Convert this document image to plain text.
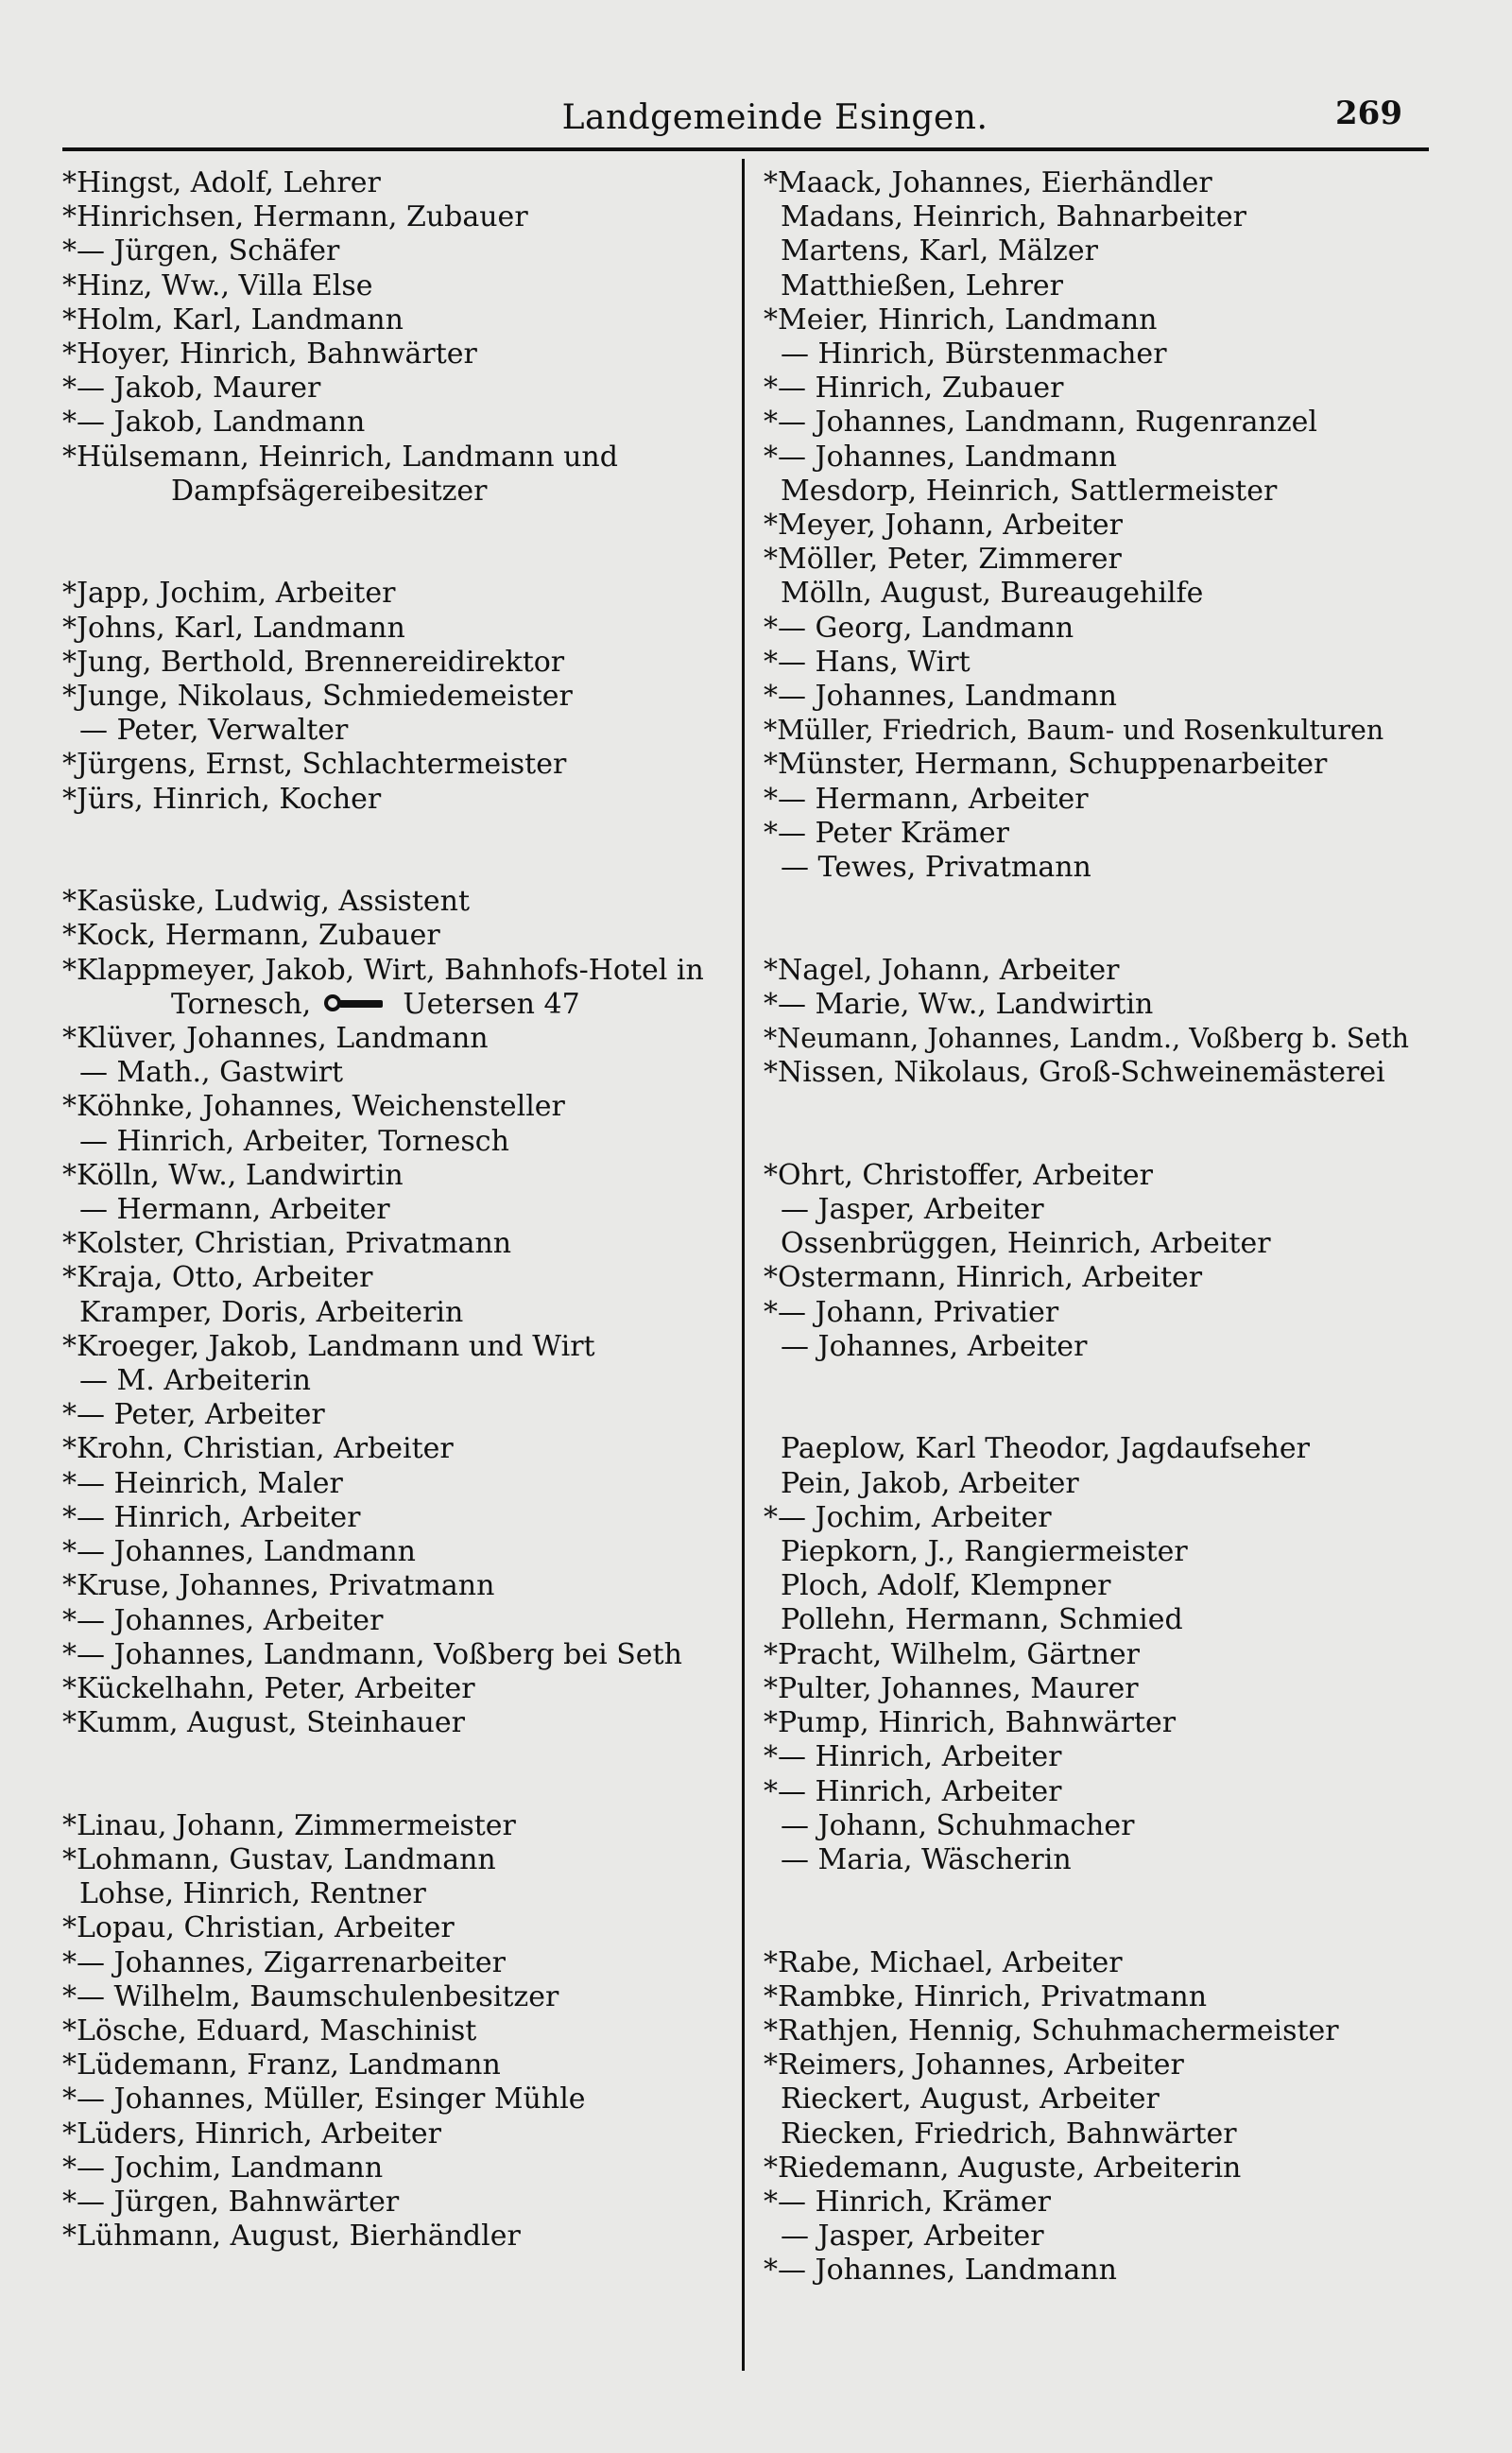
Landgemeinde Esingen.	269
*Hingst, Adolf, Lehrer
*Hinrichsen, Hermann, Zubauer
*— Jürgen, Schäfer
*Hinz, Ww., Villa Else
*Holm, Karl, Landmann
*Hoyer, Hinrich, Bahnwärter
*— Jakob, Maurer
*— Jakob, Landmann
*Hülsemann, Heinrich, Landmann und Dampfsägereibesitzer
*Japp, Jochim, Arbeiter
*Johns, Karl, Landmann
*Jung, Berthold, Brennereidirektor
*Junge, Nikolaus, Schmiedemeister
— Peter, Verwalter
*Jürgens, Ernst, Schlachtermeister
*Jürs, Hinrich, Kocher
*Kasüske, Ludwig, Assistent
*Kock, Hermann, Zubauer
*Klappmeyer, Jakob, Wirt, Bahnhofs-Hotel in
Tornesch,	Uetersen 47
*Klüver, Johannes, Landmann
— Math., Gastwirt
*Köhnke, Johannes, Weichensteller
— Hinrich, Arbeiter, Tornesch
*Kölln, Ww., Landwirtin
— Hermann, Arbeiter
*Kolster, Christian, Privatmann
*Kraja, Otto, Arbeiter
Kramper, Doris, Arbeiterin
*Kroeger, Jakob, Landmann und Wirt
— M. Arbeiterin
*— Peter, Arbeiter
*Krohn, Christian, Arbeiter
*— Heinrich, Maler
*— Hinrich, Arbeiter
*— Johannes, Landmann
*Kruse, Johannes, Privatmann
*— Johannes, Arbeiter
*— Johannes, Landmann, Voßberg bei Seth
*Kückelhahn, Peter, Arbeiter
*Kumm, August, Steinhauer
*Linau, Johann, Zimmermeister
*Lohmann, Gustav, Landmann
Lohse, Hinrich, Rentner
*Lopau, Christian, Arbeiter
*— Johannes, Zigarrenarbeiter
*— Wilhelm, Baumschulenbesitzer
*Lösche, Eduard, Maschinist
*Lüdemann, Franz, Landmann
*— Johannes, Müller, Esinger Mühle
*Lüders, Hinrich, Arbeiter
*— Jochim, Landmann
*— Jürgen, Bahnwärter
*Lühmann, August, Bierhändler
*Maack, Johannes, Eierhändler
Madans, Heinrich, Bahnarbeiter
Martens, Karl, Mälzer
Matthießen, Lehrer
*Meier, Hinrich, Landmann
— Hinrich, Bürstenmacher
*— Hinrich, Zubauer
*— Johannes, Landmann, Rugenranzel
*— Johannes, Landmann
Mesdorp, Heinrich, Sattlermeister
*Meyer, Johann, Arbeiter
*Möller, Peter, Zimmerer
Mölln, August, Bureaugehilfe
*— Georg, Landmann
*— Hans, Wirt
*— Johannes, Landmann
*Müller, Friedrich, Baum- und Rosenkulturen
*Münster, Hermann, Schuppenarbeiter
*— Hermann, Arbeiter
*— Peter Krämer
— Tewes, Privatmann
*Nagel, Johann, Arbeiter
*— Marie, Ww., Landwirtin
*Neumann, Johannes, Landm., Voßberg b. Seth
*Nissen, Nikolaus, Groß-Schweinemästerei
*Ohrt, Christoffer, Arbeiter
— Jasper, Arbeiter
Ossenbrüggen, Heinrich, Arbeiter
*Ostermann, Hinrich, Arbeiter
*— Johann, Privatier
— Johannes, Arbeiter
Paeplow, Karl Theodor, Jagdaufseher
Pein, Jakob, Arbeiter
*— Jochim, Arbeiter
Piepkorn, J., Rangiermeister
Ploch, Adolf, Klempner
Pollehn, Hermann, Schmied
*Pracht, Wilhelm, Gärtner
*Pulter, Johannes, Maurer
*Pump, Hinrich, Bahnwärter
*— Hinrich, Arbeiter
*— Hinrich, Arbeiter
— Johann, Schuhmacher
— Maria, Wäscherin
*Rabe, Michael, Arbeiter
*Rambke, Hinrich, Privatmann
*Rathjen, Hennig, Schuhmachermeister
*Reimers, Johannes, Arbeiter
Rieckert, August, Arbeiter
Riecken, Friedrich, Bahnwärter
*Riedemann, Auguste, Arbeiterin
*— Hinrich, Krämer
— Jasper, Arbeiter
*— Johannes, Landmann
